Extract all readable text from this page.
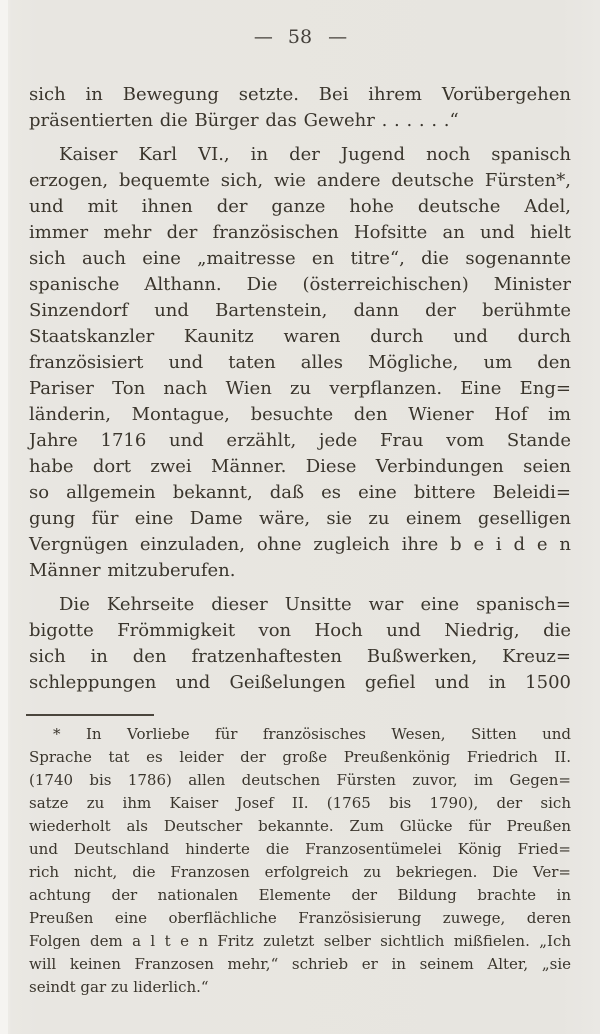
— 58 —
sich in Bewegung setzte. Bei ihrem Vorübergehen
präsentierten die Bürger das Gewehr . . . . . .“
Kaiser Karl VI., in der Jugend noch spanisch
erzogen, bequemte sich, wie andere deutsche Fürsten*,
und mit ihnen der ganze hohe deutsche Adel,
immer mehr der französischen Hofsitte an und hielt
sich auch eine „maitresse en titre“, die sogenannte
spanische Althann. Die (österreichischen) Minister
Sinzendorf und Bartenstein, dann der berühmte
Staatskanzler Kaunitz waren durch und durch
französisiert und taten alles Mögliche, um den
Pariser Ton nach Wien zu verpflanzen. Eine Eng=
länderin, Montague, besuchte den Wiener Hof im
Jahre 1716 und erzählt, jede Frau vom Stande
habe dort zwei Männer. Diese Verbindungen seien
so allgemein bekannt, daß es eine bittere Beleidi=
gung für eine Dame wäre, sie zu einem geselligen
Vergnügen einzuladen, ohne zugleich ihre b e i d e n
Männer mitzuberufen.
Die Kehrseite dieser Unsitte war eine spanisch=
bigotte Frömmigkeit von Hoch und Niedrig, die
sich in den fratzenhaftesten Bußwerken, Kreuz=
schleppungen und Geißelungen gefiel und in 1500
* In Vorliebe für französisches Wesen, Sitten und
Sprache tat es leider der große Preußenkönig Friedrich II.
(1740 bis 1786) allen deutschen Fürsten zuvor, im Gegen=
satze zu ihm Kaiser Josef II. (1765 bis 1790), der sich
wiederholt als Deutscher bekannte. Zum Glücke für Preußen
und Deutschland hinderte die Franzosentümelei König Fried=
rich nicht, die Franzosen erfolgreich zu bekriegen. Die Ver=
achtung der nationalen Elemente der Bildung brachte in
Preußen eine oberflächliche Französisierung zuwege, deren
Folgen dem a l t e n Fritz zuletzt selber sichtlich mißfielen. „Ich
will keinen Franzosen mehr,“ schrieb er in seinem Alter, „sie
seindt gar zu liderlich.“
